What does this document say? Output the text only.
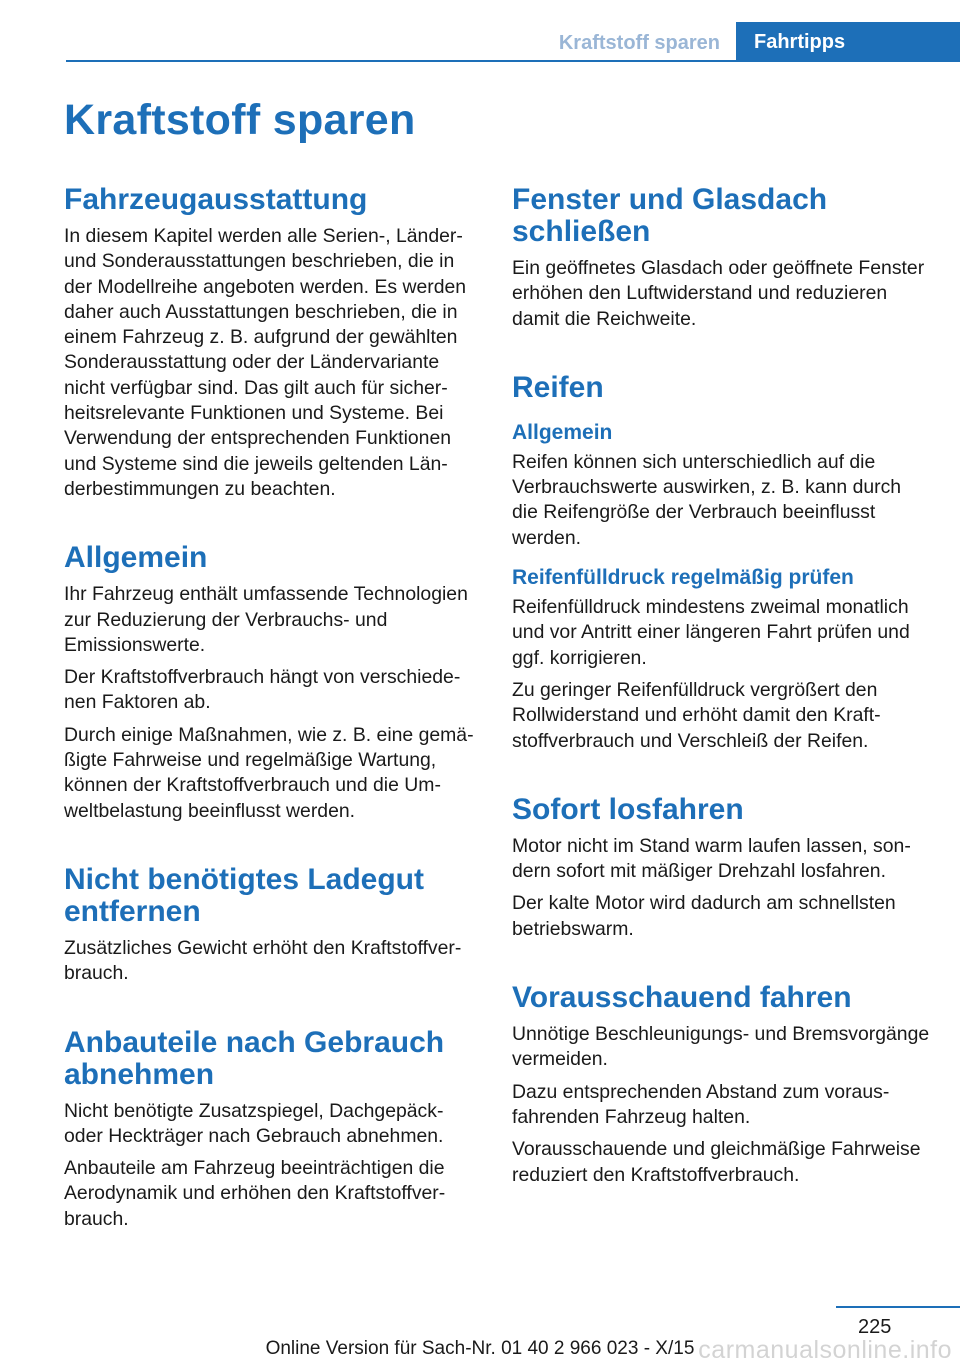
Kraftstoff sparen	Fahrtipps
Kraftstoff sparen
Fahrzeugausstattung

In diesem Kapitel werden alle Serien-, Länder- und Sonderausstattungen beschrieben, die in der Modellreihe angeboten werden. Es werden daher auch Ausstattungen beschrieben, die in einem Fahrzeug z. B. aufgrund der gewählten Sonderausstattung oder der Ländervariante nicht verfügbar sind. Das gilt auch für sicherheitsrelevante Funktionen und Systeme. Bei Verwendung der entsprechenden Funktionen und Systeme sind die jeweils geltenden Länderbestimmungen zu beachten.

Allgemein

Ihr Fahrzeug enthält umfassende Technologien zur Reduzierung der Verbrauchs- und Emissionswerte.

Der Kraftstoffverbrauch hängt von verschiedenen Faktoren ab.

Durch einige Maßnahmen, wie z. B. eine gemäßigte Fahrweise und regelmäßige Wartung, können der Kraftstoffverbrauch und die Umweltbelastung beeinflusst werden.

Nicht benötigtes Ladegut entfernen

Zusätzliches Gewicht erhöht den Kraftstoffverbrauch.

Anbauteile nach Gebrauch abnehmen

Nicht benötigte Zusatzspiegel, Dachgepäck- oder Heckträger nach Gebrauch abnehmen.

Anbauteile am Fahrzeug beeinträchtigen die Aerodynamik und erhöhen den Kraftstoffverbrauch.

Fenster und Glasdach schließen

Ein geöffnetes Glasdach oder geöffnete Fenster erhöhen den Luftwiderstand und reduzieren damit die Reichweite.

Reifen
Allgemein

Reifen können sich unterschiedlich auf die Verbrauchswerte auswirken, z. B. kann durch die Reifengröße der Verbrauch beeinflusst werden.

Reifenfülldruck regelmäßig prüfen

Reifenfülldruck mindestens zweimal monatlich und vor Antritt einer längeren Fahrt prüfen und ggf. korrigieren.

Zu geringer Reifenfülldruck vergrößert den Rollwiderstand und erhöht damit den Kraftstoffverbrauch und Verschleiß der Reifen.

Sofort losfahren

Motor nicht im Stand warm laufen lassen, sondern sofort mit mäßiger Drehzahl losfahren.

Der kalte Motor wird dadurch am schnellsten betriebswarm.

Vorausschauend fahren

Unnötige Beschleunigungs- und Bremsvorgänge vermeiden.

Dazu entsprechenden Abstand zum vorausfahrenden Fahrzeug halten.

Vorausschauende und gleichmäßige Fahrweise reduziert den Kraftstoffverbrauch.

225
Online Version für Sach-Nr. 01 40 2 966 023 - X/15 carmanualsonline.info
